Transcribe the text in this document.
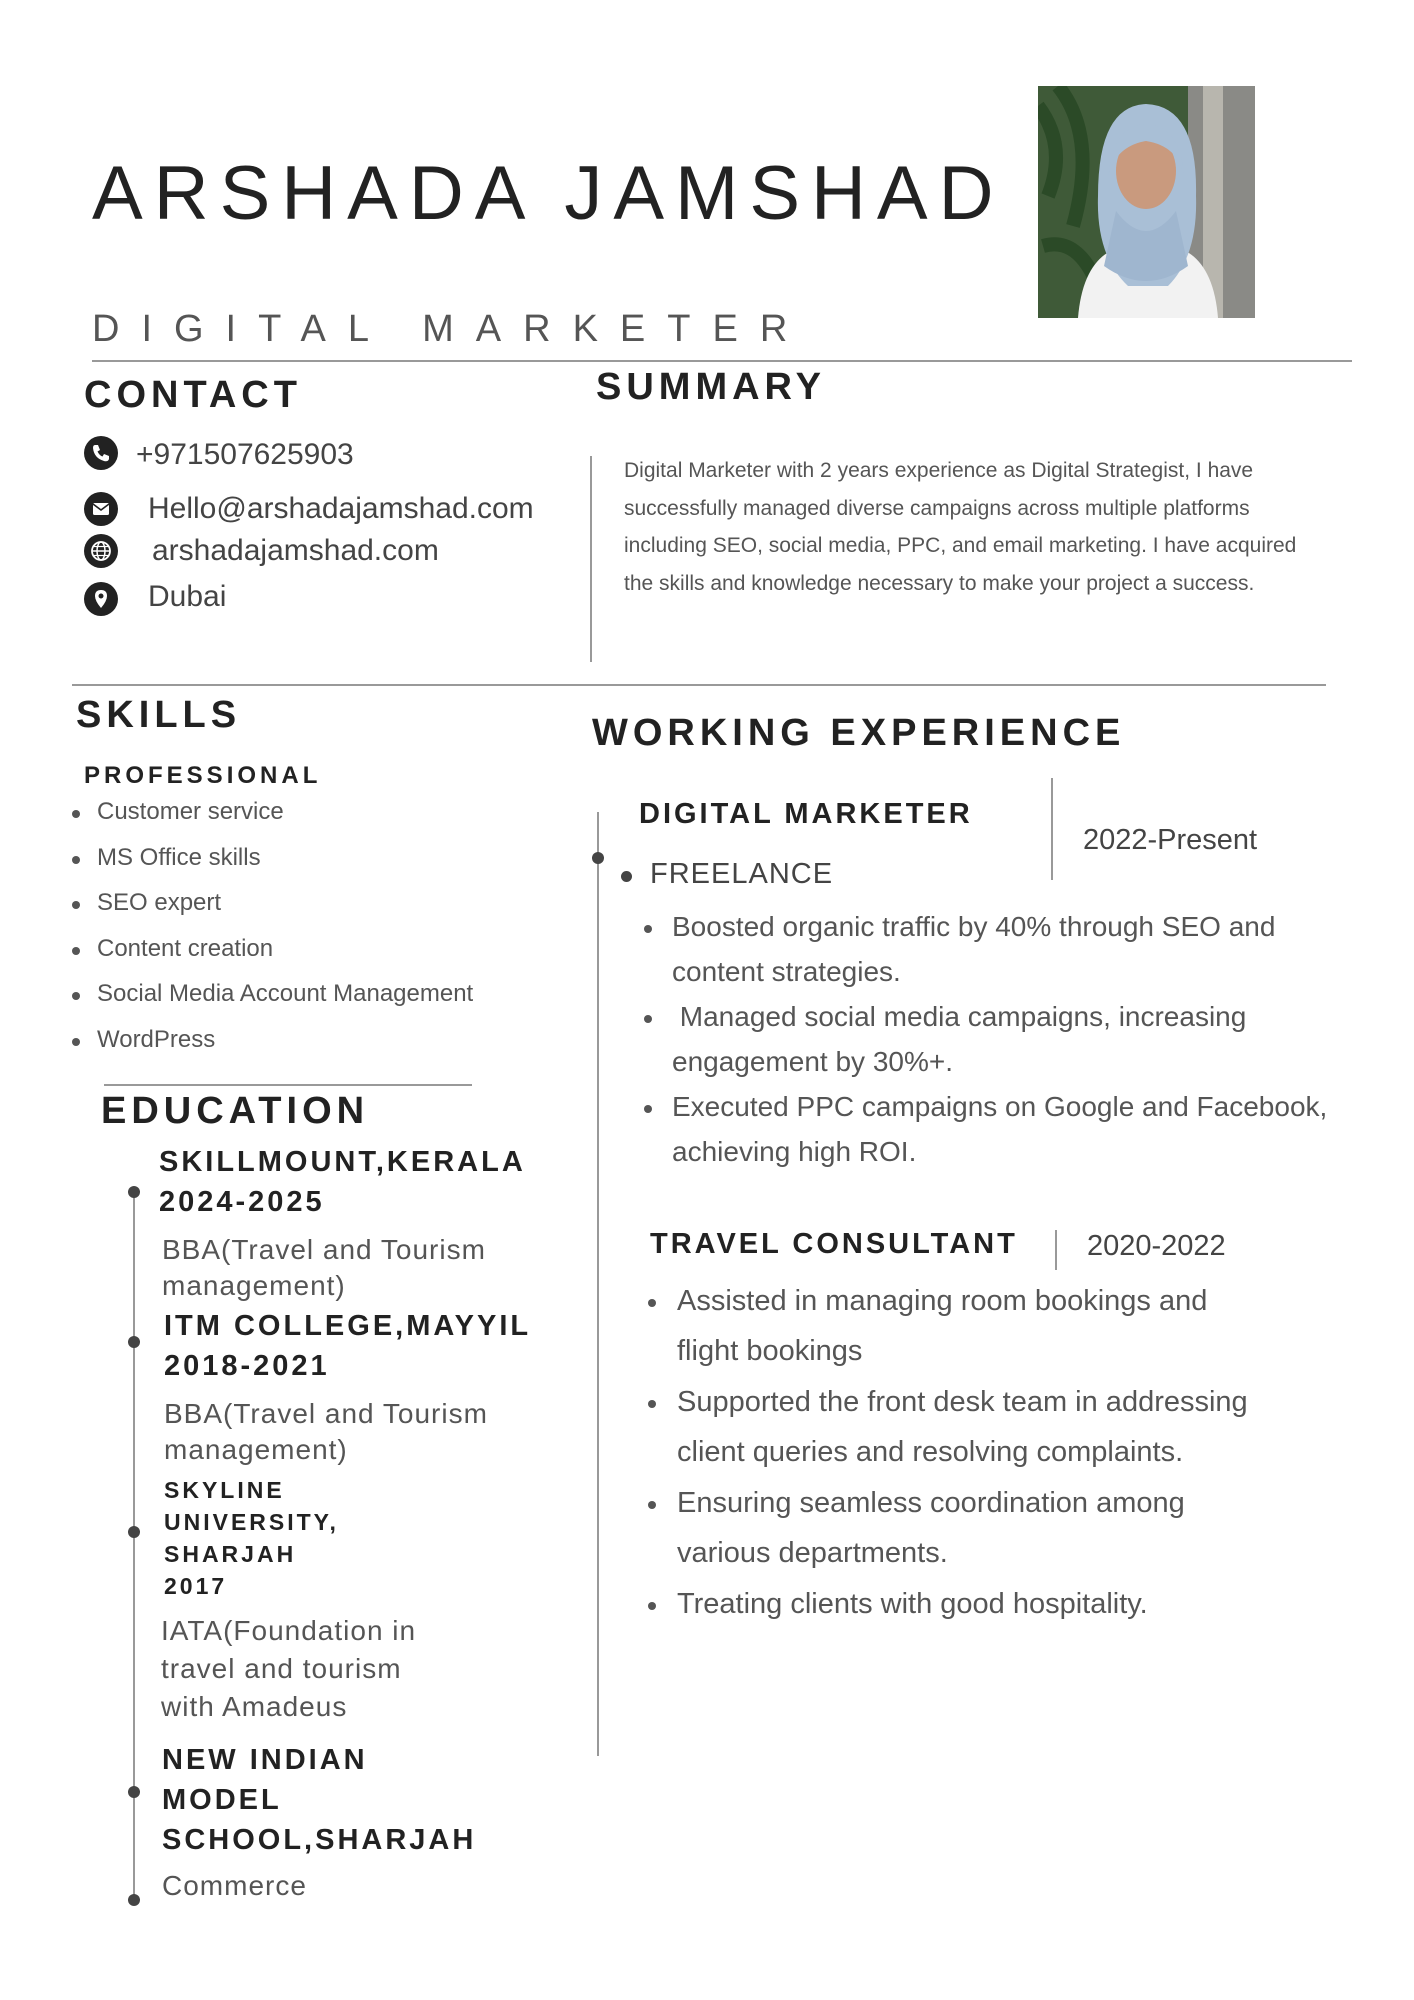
ARSHADA JAMSHAD
DIGITAL MARKETER
CONTACT
+971507625903
Hello@arshadajamshad.com
arshadajamshad.com
Dubai
SUMMARY
Digital Marketer with 2 years experience as Digital Strategist, I have
successfully managed diverse campaigns across multiple platforms
including SEO, social media, PPC, and email marketing. I have acquired
the skills and knowledge necessary to make your project a success.
SKILLS
PROFESSIONAL
Customer service
MS Office skills
SEO expert
Content creation
Social Media Account Management
WordPress
EDUCATION
SKILLMOUNT,KERALA
2024-2025
BBA(Travel and Tourism
management)
ITM COLLEGE,MAYYIL
2018-2021
BBA(Travel and Tourism
management)
SKYLINE
UNIVERSITY,
SHARJAH
2017
IATA(Foundation in
travel and tourism
with Amadeus
NEW INDIAN
MODEL
SCHOOL,SHARJAH
Commerce
WORKING EXPERIENCE
DIGITAL MARKETER
2022-Present
FREELANCE
Boosted organic traffic by 40% through SEO and
content strategies.
Managed social media campaigns, increasing
engagement by 30%+.
Executed PPC campaigns on Google and Facebook,
achieving high ROI.
TRAVEL CONSULTANT 2020-2022
Assisted in managing room bookings and
flight bookings
Supported the front desk team in addressing
client queries and resolving complaints.
Ensuring seamless coordination among
various departments.
Treating clients with good hospitality.
